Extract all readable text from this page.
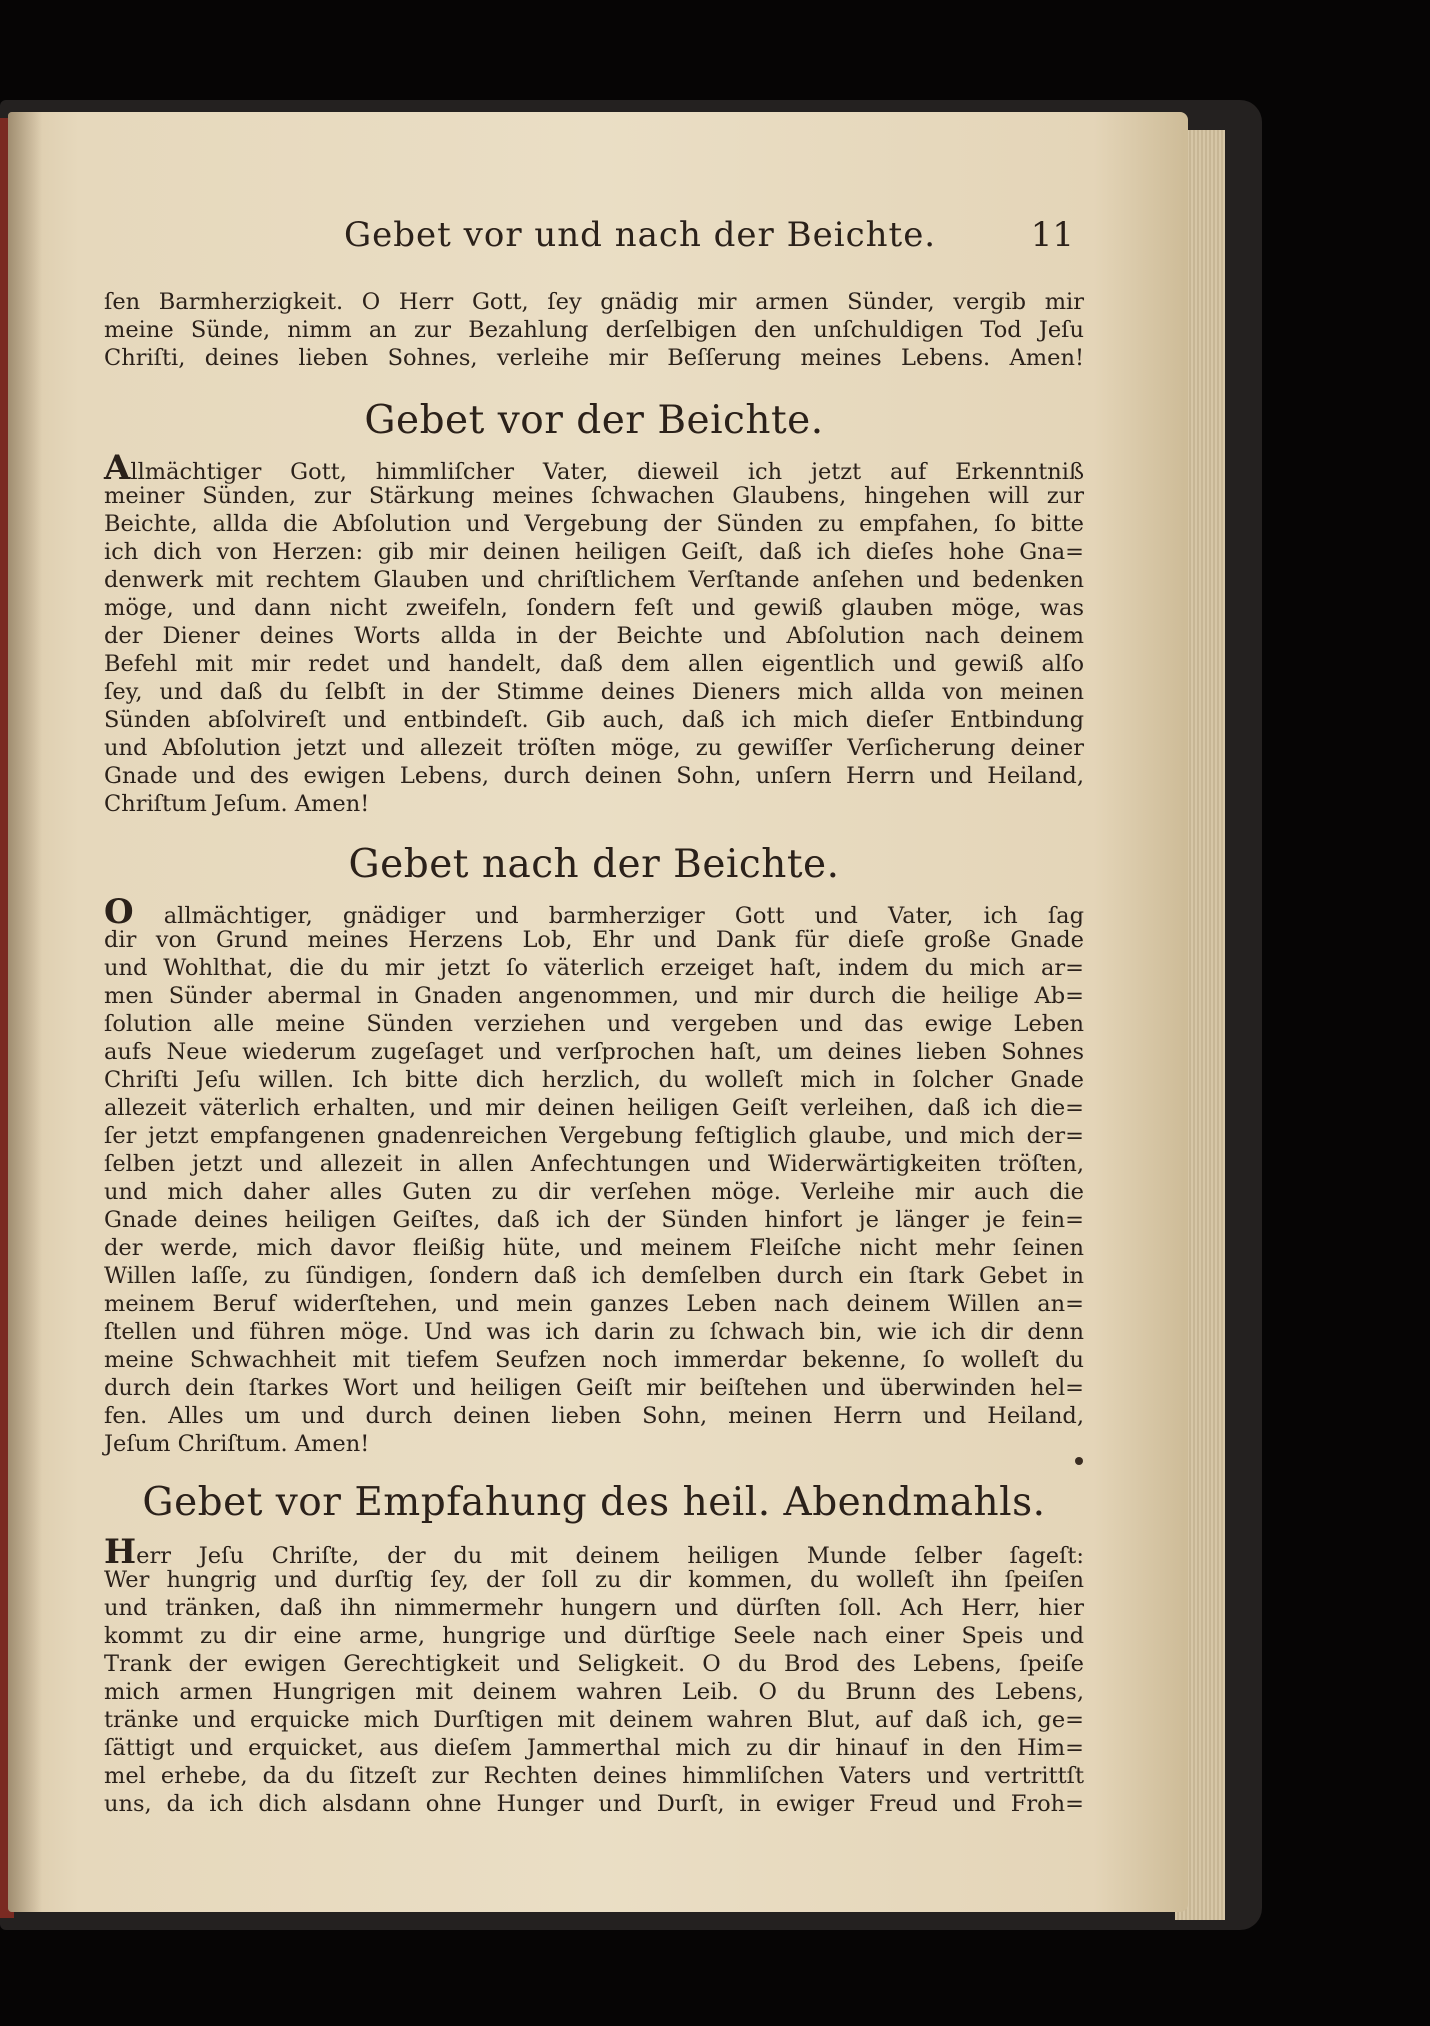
Gebet vor und nach der Beichte.	11
ſen Barmherzigkeit. O Herr Gott, ſey gnädig mir armen Sünder, vergib mir
meine Sünde, nimm an zur Bezahlung derſelbigen den unſchuldigen Tod Jeſu
Chriſti, deines lieben Sohnes, verleihe mir Beſſerung meines Lebens. Amen!
Gebet vor der Beichte.
Allmächtiger Gott, himmliſcher Vater, dieweil ich jetzt auf Erkenntniß
meiner Sünden, zur Stärkung meines ſchwachen Glaubens, hingehen will zur
Beichte, allda die Abſolution und Vergebung der Sünden zu empfahen, ſo bitte
ich dich von Herzen: gib mir deinen heiligen Geiſt, daß ich dieſes hohe Gna=
denwerk mit rechtem Glauben und chriſtlichem Verſtande anſehen und bedenken
möge, und dann nicht zweifeln, ſondern feſt und gewiß glauben möge, was
der Diener deines Worts allda in der Beichte und Abſolution nach deinem
Befehl mit mir redet und handelt, daß dem allen eigentlich und gewiß alſo
ſey, und daß du ſelbſt in der Stimme deines Dieners mich allda von meinen
Sünden abſolvireſt und entbindeſt. Gib auch, daß ich mich dieſer Entbindung
und Abſolution jetzt und allezeit tröſten möge, zu gewiſſer Verſicherung deiner
Gnade und des ewigen Lebens, durch deinen Sohn, unſern Herrn und Heiland,
Chriſtum Jeſum. Amen!
Gebet nach der Beichte.
O allmächtiger, gnädiger und barmherziger Gott und Vater, ich ſag
dir von Grund meines Herzens Lob, Ehr und Dank für dieſe große Gnade
und Wohlthat, die du mir jetzt ſo väterlich erzeiget haſt, indem du mich ar=
men Sünder abermal in Gnaden angenommen, und mir durch die heilige Ab=
ſolution alle meine Sünden verziehen und vergeben und das ewige Leben
aufs Neue wiederum zugeſaget und verſprochen haſt, um deines lieben Sohnes
Chriſti Jeſu willen. Ich bitte dich herzlich, du wolleſt mich in ſolcher Gnade
allezeit väterlich erhalten, und mir deinen heiligen Geiſt verleihen, daß ich die=
ſer jetzt empfangenen gnadenreichen Vergebung feſtiglich glaube, und mich der=
ſelben jetzt und allezeit in allen Anfechtungen und Widerwärtigkeiten tröſten,
und mich daher alles Guten zu dir verſehen möge. Verleihe mir auch die
Gnade deines heiligen Geiſtes, daß ich der Sünden hinfort je länger je fein=
der werde, mich davor fleißig hüte, und meinem Fleiſche nicht mehr ſeinen
Willen laſſe, zu ſündigen, ſondern daß ich demſelben durch ein ſtark Gebet in
meinem Beruf widerſtehen, und mein ganzes Leben nach deinem Willen an=
ſtellen und führen möge. Und was ich darin zu ſchwach bin, wie ich dir denn
meine Schwachheit mit tiefem Seufzen noch immerdar bekenne, ſo wolleſt du
durch dein ſtarkes Wort und heiligen Geiſt mir beiſtehen und überwinden hel=
fen. Alles um und durch deinen lieben Sohn, meinen Herrn und Heiland,
Jeſum Chriſtum. Amen!
Gebet vor Empfahung des heil. Abendmahls.
Herr Jeſu Chriſte, der du mit deinem heiligen Munde ſelber ſageſt:
Wer hungrig und durſtig ſey, der ſoll zu dir kommen, du wolleſt ihn ſpeiſen
und tränken, daß ihn nimmermehr hungern und dürſten ſoll. Ach Herr, hier
kommt zu dir eine arme, hungrige und dürſtige Seele nach einer Speis und
Trank der ewigen Gerechtigkeit und Seligkeit. O du Brod des Lebens, ſpeiſe
mich armen Hungrigen mit deinem wahren Leib. O du Brunn des Lebens,
tränke und erquicke mich Durſtigen mit deinem wahren Blut, auf daß ich, ge=
ſättigt und erquicket, aus dieſem Jammerthal mich zu dir hinauf in den Him=
mel erhebe, da du ſitzeſt zur Rechten deines himmliſchen Vaters und vertrittſt
uns, da ich dich alsdann ohne Hunger und Durſt, in ewiger Freud und Froh=
